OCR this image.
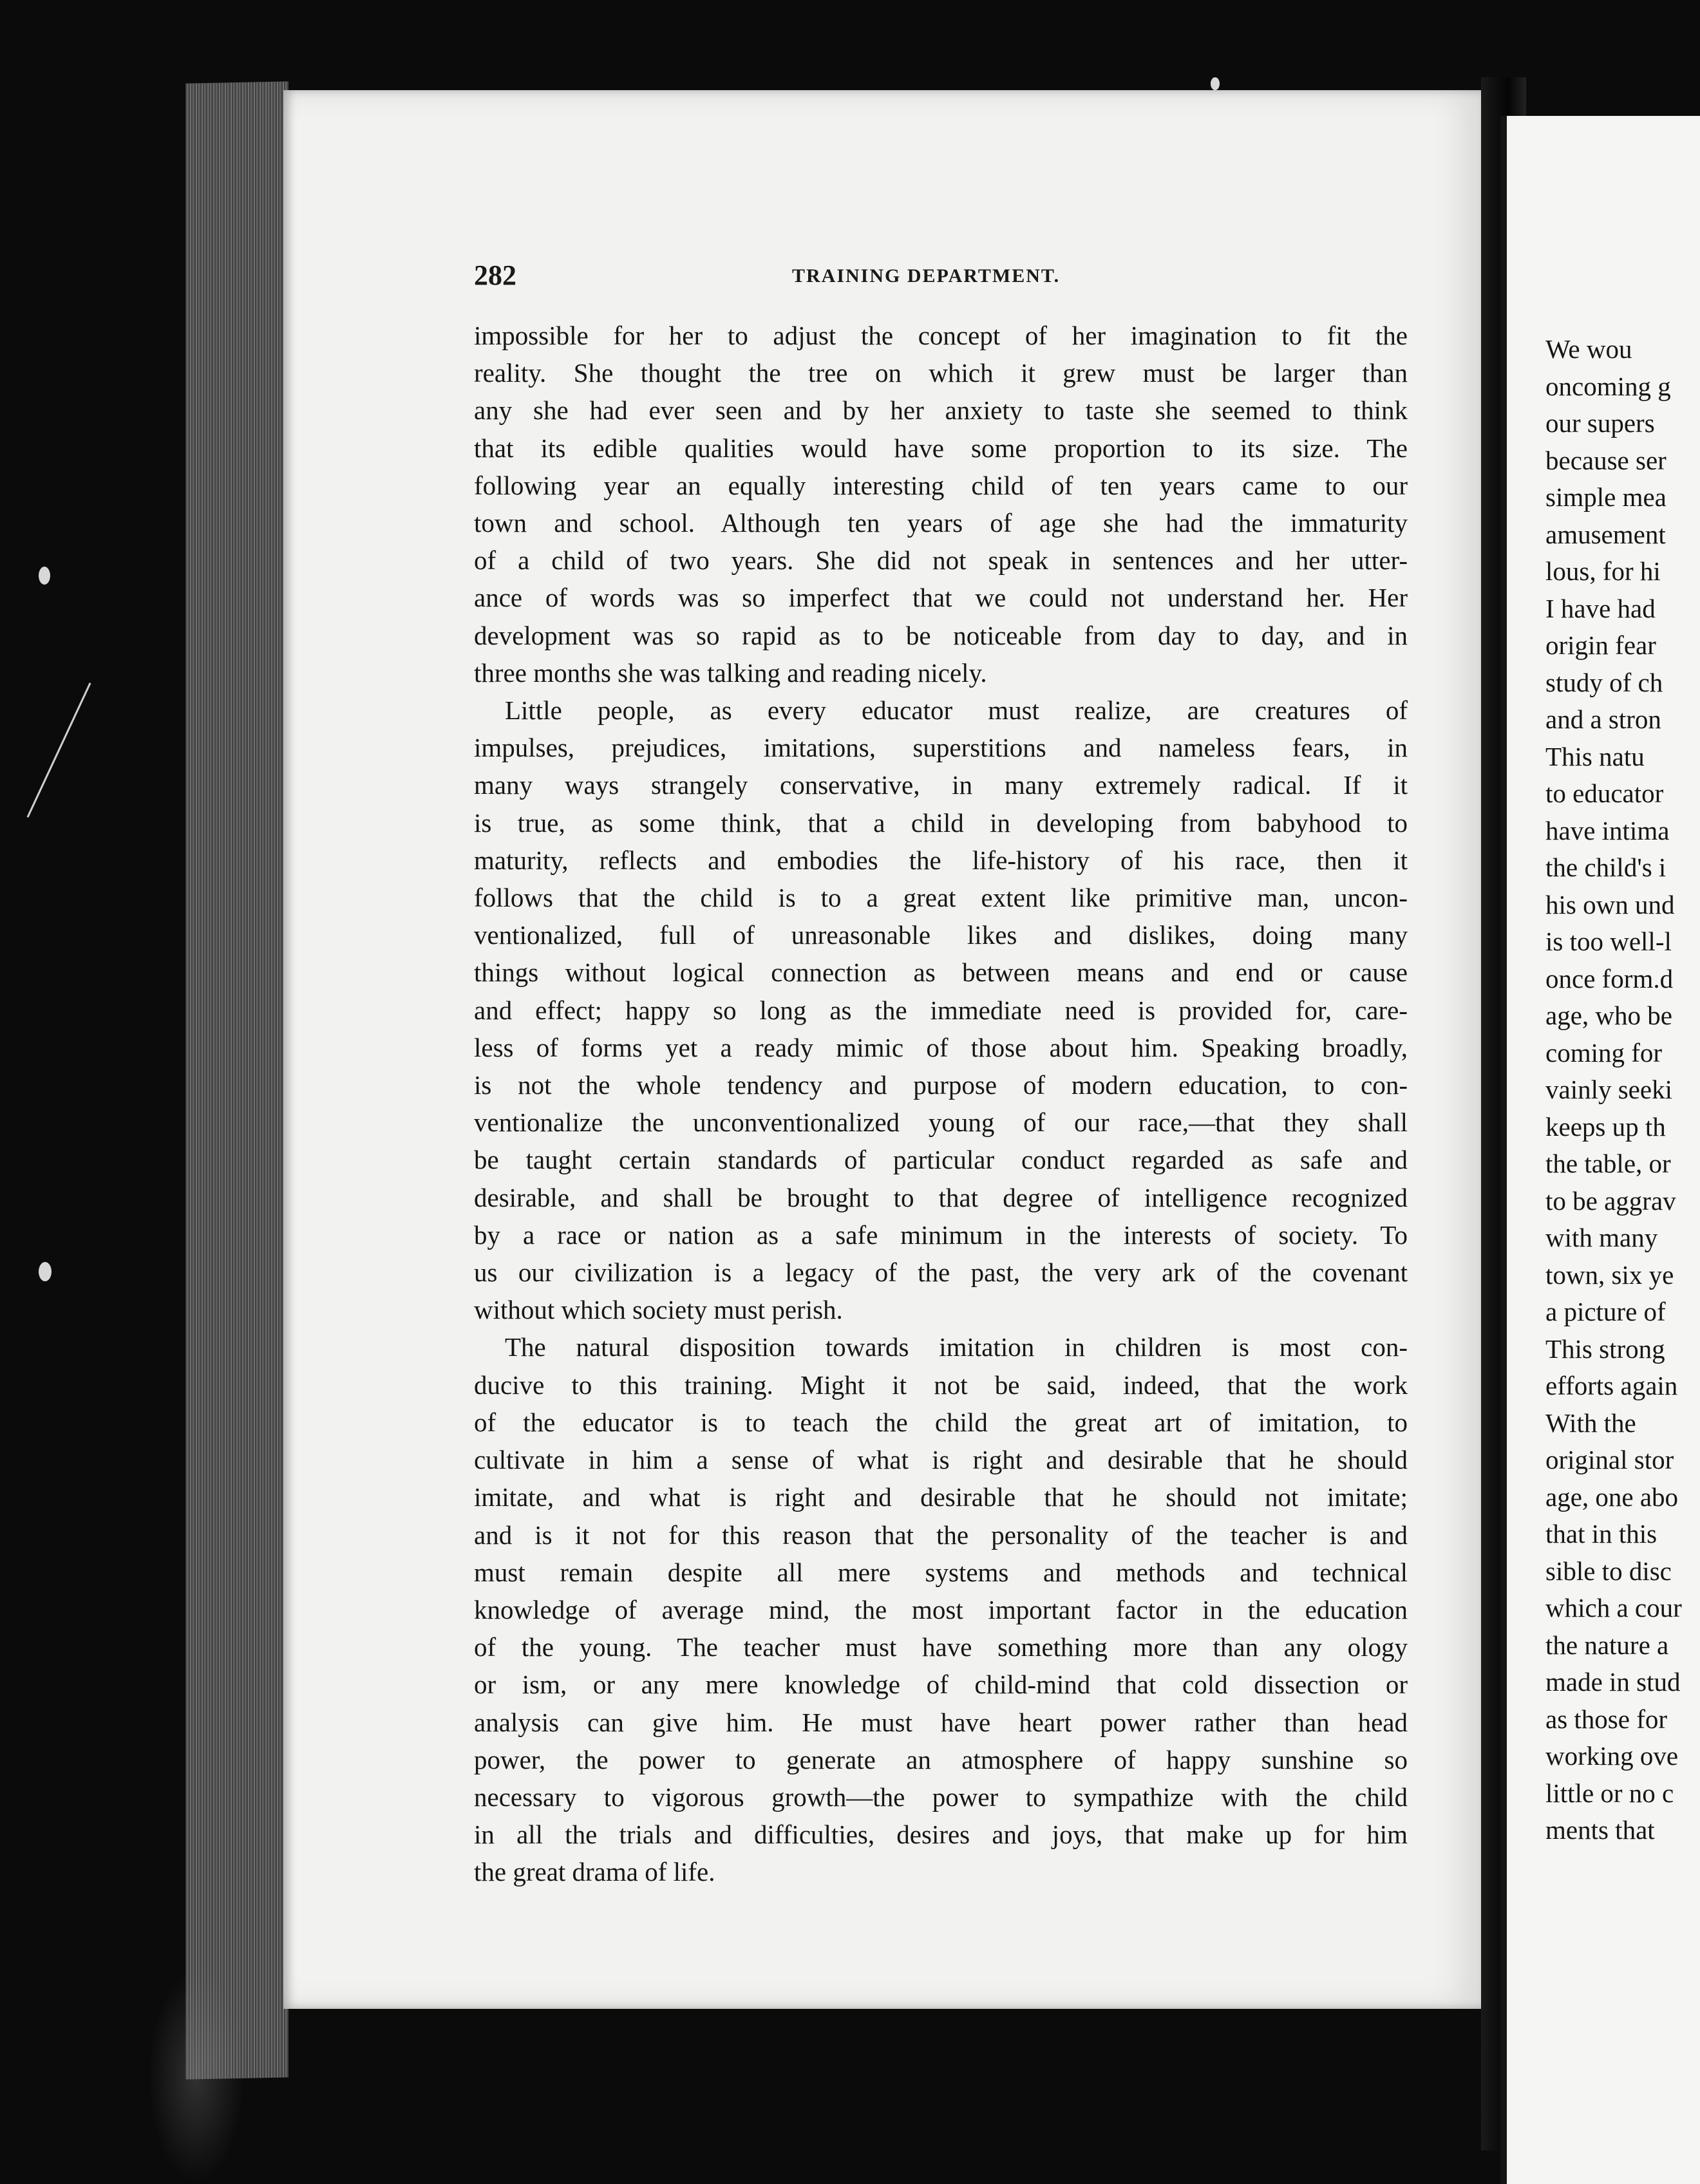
282	TRAINING DEPARTMENT.

impossible for her to adjust the concept of her imagination to fit the
reality. She thought the tree on which it grew must be larger than
any she had ever seen and by her anxiety to taste she seemed to think
that its edible qualities would have some proportion to its size. The
following year an equally interesting child of ten years came to our
town and school. Although ten years of age she had the immaturity
of a child of two years. She did not speak in sentences and her utter-
ance of words was so imperfect that we could not understand her. Her
development was so rapid as to be noticeable from day to day, and in
three months she was talking and reading nicely.

Little people, as every educator must realize, are creatures of
impulses, prejudices, imitations, superstitions and nameless fears, in
many ways strangely conservative, in many extremely radical. If it
is true, as some think, that a child in developing from babyhood to
maturity, reflects and embodies the life-history of his race, then it
follows that the child is to a great extent like primitive man, uncon-
ventionalized, full of unreasonable likes and dislikes, doing many
things without logical connection as between means and end or cause
and effect; happy so long as the immediate need is provided for, care-
less of forms yet a ready mimic of those about him. Speaking broadly,
is not the whole tendency and purpose of modern education, to con-
ventionalize the unconventionalized young of our race,—that they shall
be taught certain standards of particular conduct regarded as safe and
desirable, and shall be brought to that degree of intelligence recognized
by a race or nation as a safe minimum in the interests of society. To
us our civilization is a legacy of the past, the very ark of the covenant
without which society must perish.

The natural disposition towards imitation in children is most con-
ducive to this training. Might it not be said, indeed, that the work
of the educator is to teach the child the great art of imitation, to
cultivate in him a sense of what is right and desirable that he should
imitate, and what is right and desirable that he should not imitate;
and is it not for this reason that the personality of the teacher is and
must remain despite all mere systems and methods and technical
knowledge of average mind, the most important factor in the education
of the young. The teacher must have something more than any ology
or ism, or any mere knowledge of child-mind that cold dissection or
analysis can give him. He must have heart power rather than head
power, the power to generate an atmosphere of happy sunshine so
necessary to vigorous growth—the power to sympathize with the child
in all the trials and difficulties, desires and joys, that make up for him
the great drama of life.

We wou
oncoming g
our supers
because ser
simple mea
amusement
lous, for hi
I have had
origin fear
study of ch
and a stron
This natu
to educator
have intima
the child's i
his own und
is too well-l
once form.d
age, who be
coming for
vainly seeki
keeps up th
the table, or
to be aggrav
with many
town, six ye
a picture of
This strong
efforts again
With the
original stor
age, one abo
that in this
sible to disc
which a cour
the nature a
made in stud
as those for
working ove
little or no c
ments that
